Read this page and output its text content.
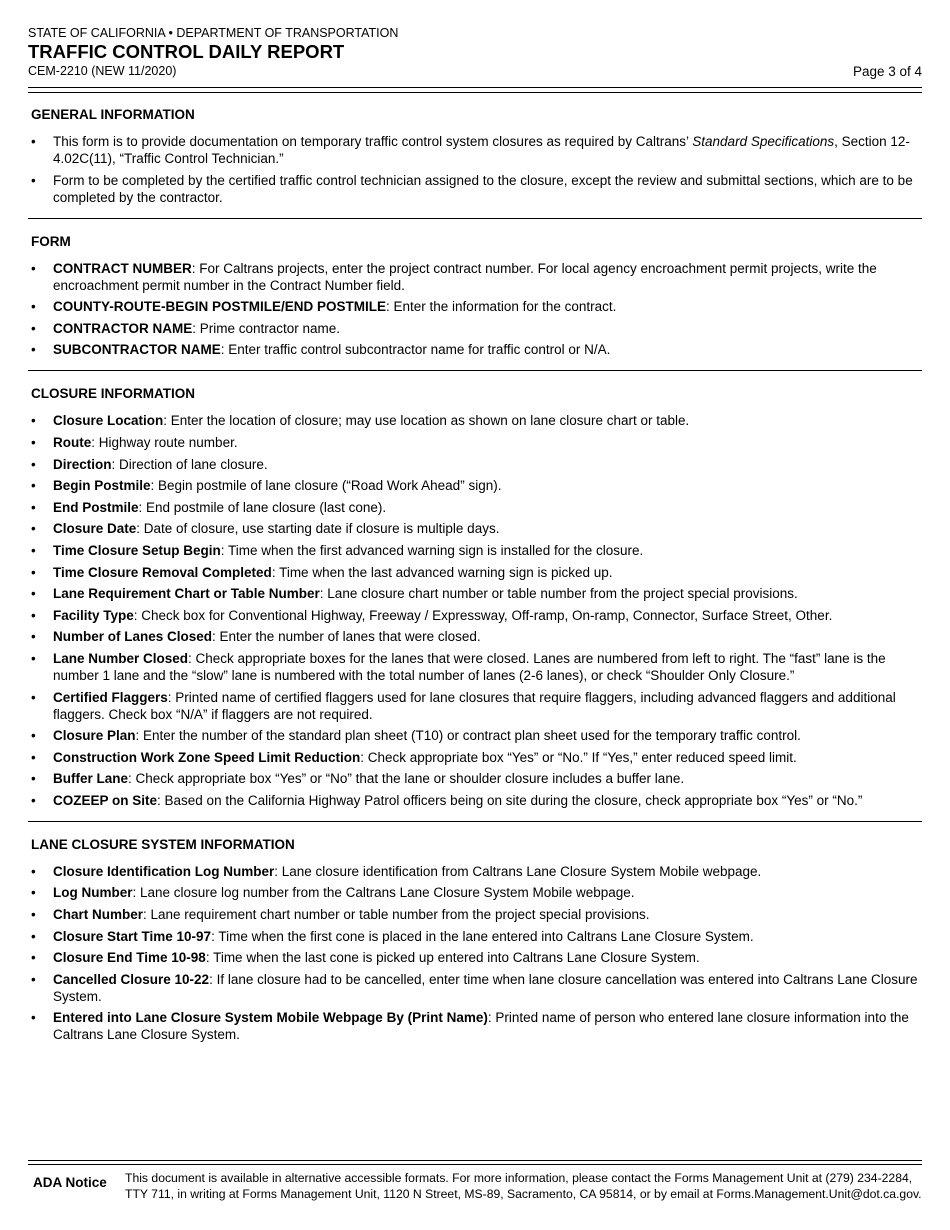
STATE OF CALIFORNIA • DEPARTMENT OF TRANSPORTATION
TRAFFIC CONTROL DAILY REPORT
CEM-2210 (NEW 11/2020)	Page 3 of 4
GENERAL INFORMATION
• This form is to provide documentation on temporary traffic control system closures as required by Caltrans’ Standard Specifications, Section 12-4.02C(11), “Traffic Control Technician.”
• Form to be completed by the certified traffic control technician assigned to the closure, except the review and submittal sections, which are to be completed by the contractor.
FORM
• CONTRACT NUMBER: For Caltrans projects, enter the project contract number. For local agency encroachment permit projects, write the encroachment permit number in the Contract Number field.
• COUNTY-ROUTE-BEGIN POSTMILE/END POSTMILE: Enter the information for the contract.
• CONTRACTOR NAME: Prime contractor name.
• SUBCONTRACTOR NAME: Enter traffic control subcontractor name for traffic control or N/A.
CLOSURE INFORMATION
• Closure Location: Enter the location of closure; may use location as shown on lane closure chart or table.
• Route: Highway route number.
• Direction: Direction of lane closure.
• Begin Postmile: Begin postmile of lane closure (“Road Work Ahead” sign).
• End Postmile: End postmile of lane closure (last cone).
• Closure Date: Date of closure, use starting date if closure is multiple days.
• Time Closure Setup Begin: Time when the first advanced warning sign is installed for the closure.
• Time Closure Removal Completed: Time when the last advanced warning sign is picked up.
• Lane Requirement Chart or Table Number: Lane closure chart number or table number from the project special provisions.
• Facility Type: Check box for Conventional Highway, Freeway / Expressway, Off-ramp, On-ramp, Connector, Surface Street, Other.
• Number of Lanes Closed: Enter the number of lanes that were closed.
• Lane Number Closed: Check appropriate boxes for the lanes that were closed. Lanes are numbered from left to right. The “fast” lane is the number 1 lane and the “slow” lane is numbered with the total number of lanes (2-6 lanes), or check “Shoulder Only Closure.”
• Certified Flaggers: Printed name of certified flaggers used for lane closures that require flaggers, including advanced flaggers and additional flaggers. Check box “N/A” if flaggers are not required.
• Closure Plan: Enter the number of the standard plan sheet (T10) or contract plan sheet used for the temporary traffic control.
• Construction Work Zone Speed Limit Reduction: Check appropriate box “Yes” or “No.” If “Yes,” enter reduced speed limit.
• Buffer Lane: Check appropriate box “Yes” or “No” that the lane or shoulder closure includes a buffer lane.
• COZEEP on Site: Based on the California Highway Patrol officers being on site during the closure, check appropriate box “Yes” or “No.”
LANE CLOSURE SYSTEM INFORMATION
• Closure Identification Log Number: Lane closure identification from Caltrans Lane Closure System Mobile webpage.
• Log Number: Lane closure log number from the Caltrans Lane Closure System Mobile webpage.
• Chart Number: Lane requirement chart number or table number from the project special provisions.
• Closure Start Time 10-97: Time when the first cone is placed in the lane entered into Caltrans Lane Closure System.
• Closure End Time 10-98: Time when the last cone is picked up entered into Caltrans Lane Closure System.
• Cancelled Closure 10-22: If lane closure had to be cancelled, enter time when lane closure cancellation was entered into Caltrans Lane Closure System.
• Entered into Lane Closure System Mobile Webpage By (Print Name): Printed name of person who entered lane closure information into the Caltrans Lane Closure System.
ADA Notice	This document is available in alternative accessible formats. For more information, please contact the Forms Management Unit at (279) 234-2284, TTY 711, in writing at Forms Management Unit, 1120 N Street, MS-89, Sacramento, CA 95814, or by email at Forms.Management.Unit@dot.ca.gov.
